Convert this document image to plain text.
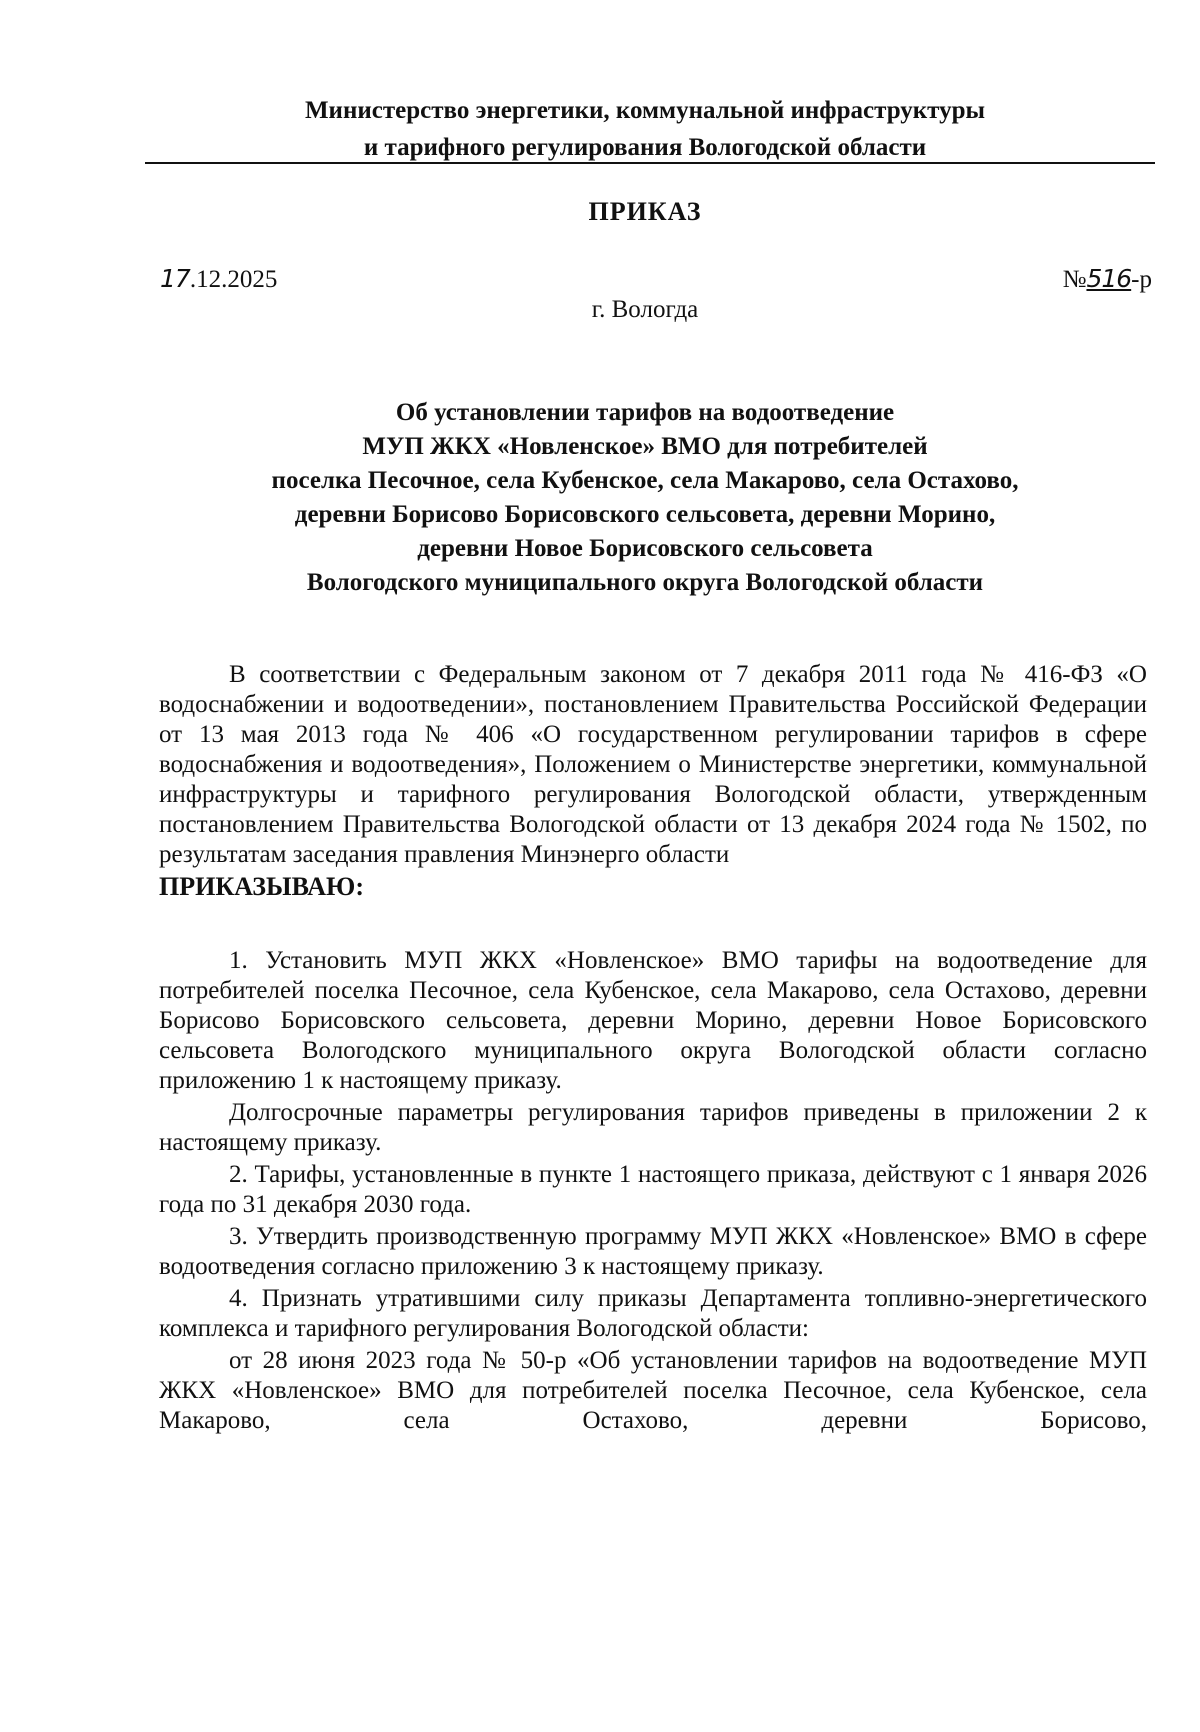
Министерство энергетики, коммунальной инфраструктуры
и тарифного регулирования Вологодской области
ПРИКАЗ
17.12.2025	№516-р
г. Вологда
Об установлении тарифов на водоотведение
МУП ЖКХ «Новленское» ВМО для потребителей
поселка Песочное, села Кубенское, села Макарово, села Остахово,
деревни Борисово Борисовского сельсовета, деревни Морино,
деревни Новое Борисовского сельсовета
Вологодского муниципального округа Вологодской области

В соответствии с Федеральным законом от 7 декабря 2011 года № 416-ФЗ «О водоснабжении и водоотведении», постановлением Правительства Российской Федерации от 13 мая 2013 года № 406 «О государственном регулировании тарифов в сфере водоснабжения и водоотведения», Положением о Министерстве энергетики, коммунальной инфраструктуры и тарифного регулирования Вологодской области, утвержденным постановлением Правительства Вологодской области от 13 декабря 2024 года № 1502, по результатам заседания правления Минэнерго области

ПРИКАЗЫВАЮ:

1. Установить МУП ЖКХ «Новленское» ВМО тарифы на водоотведение для потребителей поселка Песочное, села Кубенское, села Макарово, села Остахово, деревни Борисово Борисовского сельсовета, деревни Морино, деревни Новое Борисовского сельсовета Вологодского муниципального округа Вологодской области согласно приложению 1 к настоящему приказу.

Долгосрочные параметры регулирования тарифов приведены в приложении 2 к настоящему приказу.

2. Тарифы, установленные в пункте 1 настоящего приказа, действуют с 1 января 2026 года по 31 декабря 2030 года.

3. Утвердить производственную программу МУП ЖКХ «Новленское» ВМО в сфере водоотведения согласно приложению 3 к настоящему приказу.

4. Признать утратившими силу приказы Департамента топливно-энергетического комплекса и тарифного регулирования Вологодской области:

от 28 июня 2023 года № 50-р «Об установлении тарифов на водоотведение МУП ЖКХ «Новленское» ВМО для потребителей поселка Песочное, села Кубенское, села Макарово, села Остахово, деревни Борисово,
